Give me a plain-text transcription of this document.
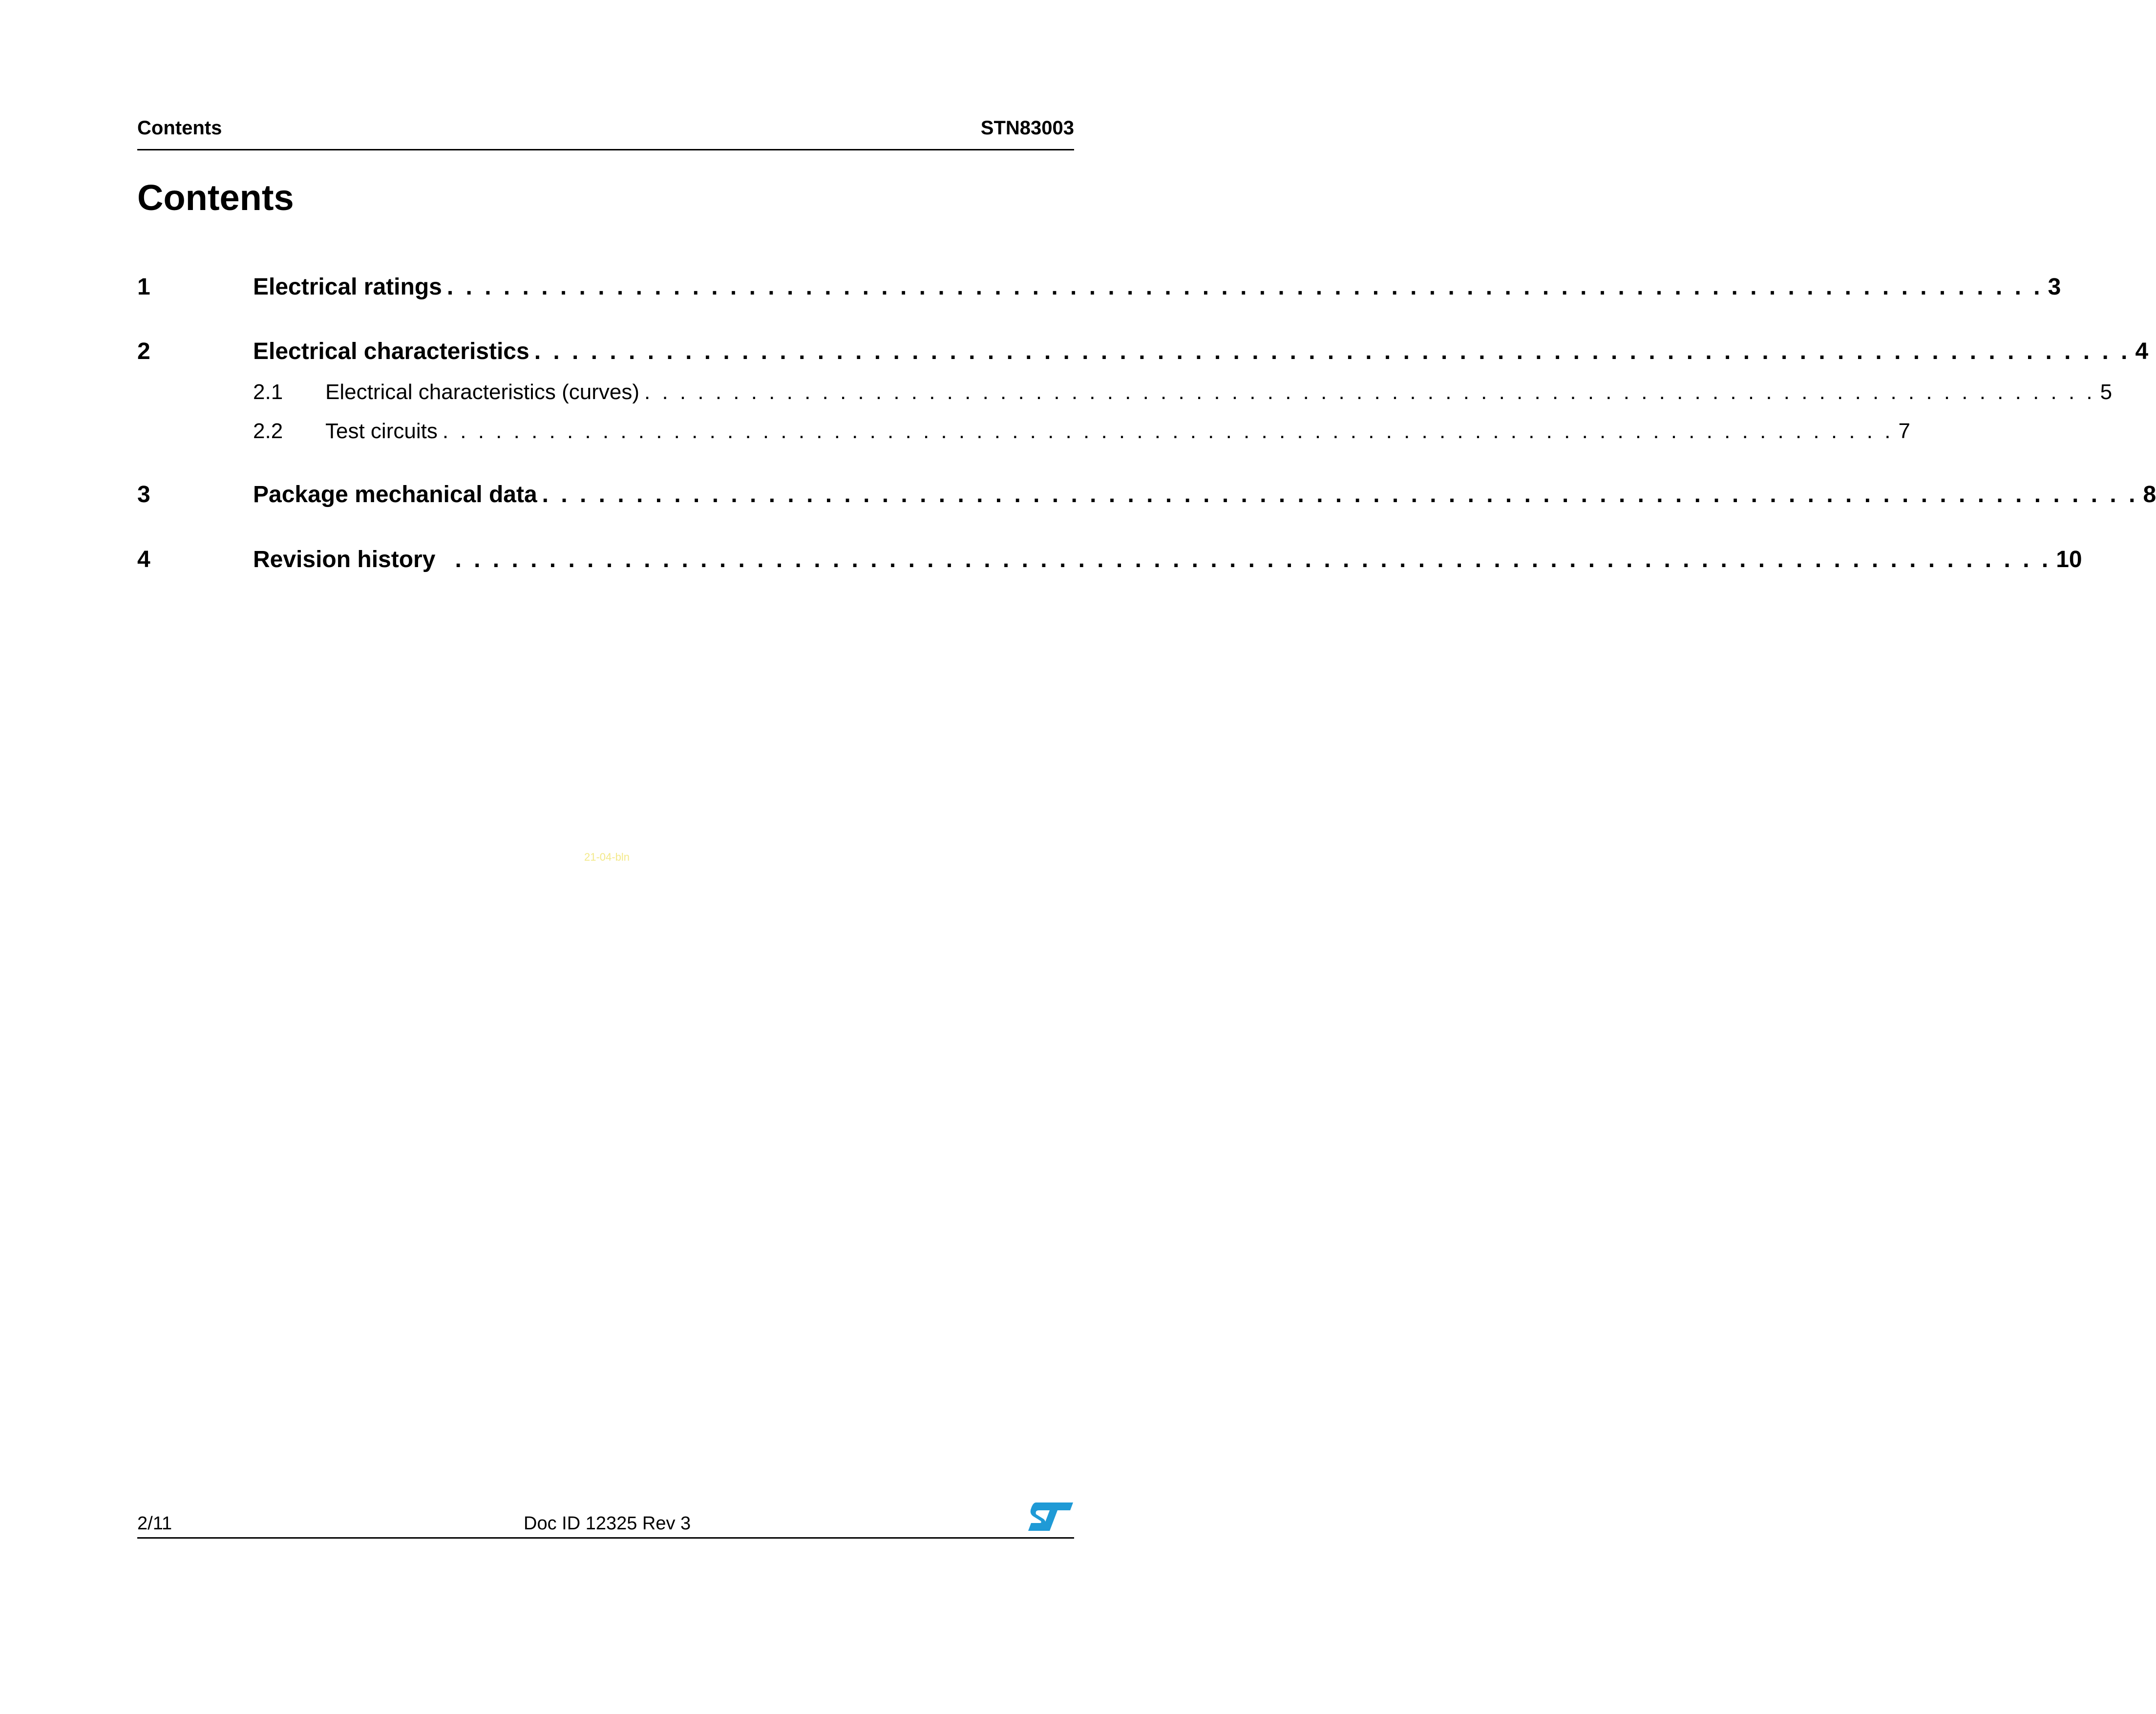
Contents	STN83003
Contents
1	Electrical ratings . . . . . . . . . . . . . . . . . . . . . . . . . . . . . . . . . . . . . . . . . . . . . . . . . . . . . . . . . . . . . . . . . . . . . . . . . . . . . . . . . . . . . 3
2	Electrical characteristics . . . . . . . . . . . . . . . . . . . . . . . . . . . . . . . . . . . . . . . . . . . . . . . . . . . . . . . . . . . . . . . . . . . . . . . . . . . . . . . . . . . . . 4
2.1	Electrical characteristics (curves) . . . . . . . . . . . . . . . . . . . . . . . . . . . . . . . . . . . . . . . . . . . . . . . . . . . . . . . . . . . . . . . . . . . . . . . . . . . . . . . . . . 5
2.2	Test circuits . . . . . . . . . . . . . . . . . . . . . . . . . . . . . . . . . . . . . . . . . . . . . . . . . . . . . . . . . . . . . . . . . . . . . . . . . . . . . . . . . . 7
3	Package mechanical data . . . . . . . . . . . . . . . . . . . . . . . . . . . . . . . . . . . . . . . . . . . . . . . . . . . . . . . . . . . . . . . . . . . . . . . . . . . . . . . . . . . . . 8
4	Revision history . . . . . . . . . . . . . . . . . . . . . . . . . . . . . . . . . . . . . . . . . . . . . . . . . . . . . . . . . . . . . . . . . . . . . . . . . . . . . . . . . . . . . 10
21-04-bln
2/11	Doc ID 12325 Rev 3
